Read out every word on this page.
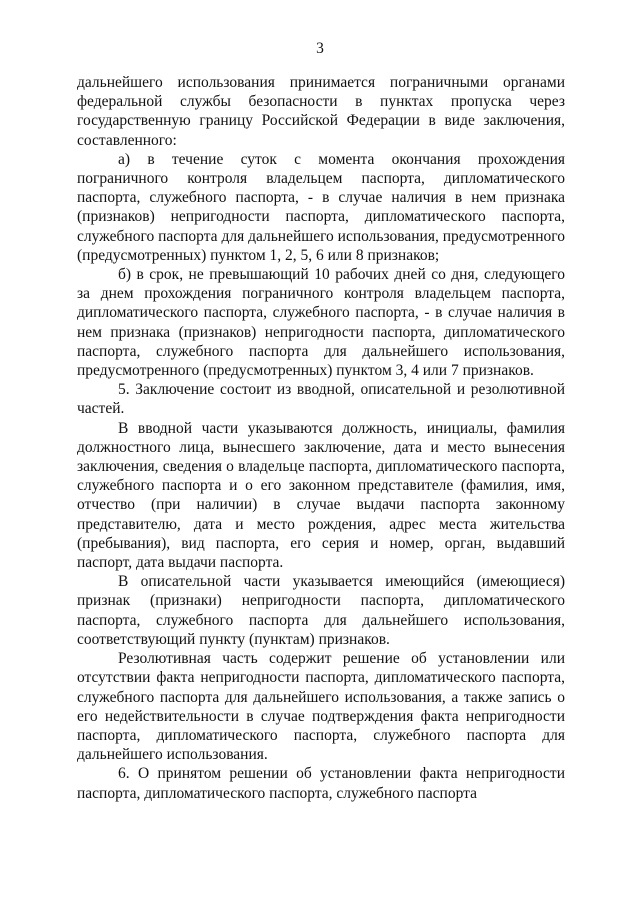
3

дальнейшего использования принимается пограничными органами федеральной службы безопасности в пунктах пропуска через государственную границу Российской Федерации в виде заключения, составленного:

а) в течение суток с момента окончания прохождения пограничного контроля владельцем паспорта, дипломатического паспорта, служебного паспорта, - в случае наличия в нем признака (признаков) непригодности паспорта, дипломатического паспорта, служебного паспорта для дальнейшего использования, предусмотренного (предусмотренных) пунктом 1, 2, 5, 6 или 8 признаков;

б) в срок, не превышающий 10 рабочих дней со дня, следующего за днем прохождения пограничного контроля владельцем паспорта, дипломатического паспорта, служебного паспорта, - в случае наличия в нем признака (признаков) непригодности паспорта, дипломатического паспорта, служебного паспорта для дальнейшего использования, предусмотренного (предусмотренных) пунктом 3, 4 или 7 признаков.

5. Заключение состоит из вводной, описательной и резолютивной частей.

В вводной части указываются должность, инициалы, фамилия должностного лица, вынесшего заключение, дата и место вынесения заключения, сведения о владельце паспорта, дипломатического паспорта, служебного паспорта и о его законном представителе (фамилия, имя, отчество (при наличии) в случае выдачи паспорта законному представителю, дата и место рождения, адрес места жительства (пребывания), вид паспорта, его серия и номер, орган, выдавший паспорт, дата выдачи паспорта.

В описательной части указывается имеющийся (имеющиеся) признак (признаки) непригодности паспорта, дипломатического паспорта, служебного паспорта для дальнейшего использования, соответствующий пункту (пунктам) признаков.

Резолютивная часть содержит решение об установлении или отсутствии факта непригодности паспорта, дипломатического паспорта, служебного паспорта для дальнейшего использования, а также запись о его недействительности в случае подтверждения факта непригодности паспорта, дипломатического паспорта, служебного паспорта для дальнейшего использования.

6. О принятом решении об установлении факта непригодности паспорта, дипломатического паспорта, служебного паспорта
